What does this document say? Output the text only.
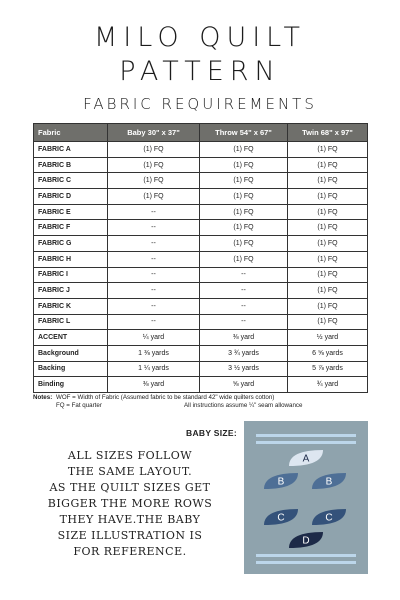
MILO QUILT
PATTERN
FABRIC REQUIREMENTS
Fabric	Baby 30" x 37"	Throw 54" x 67"	Twin 68" x 97"
FABRIC A	(1) FQ	(1) FQ	(1) FQ
FABRIC B	(1) FQ	(1) FQ	(1) FQ
FABRIC C	(1) FQ	(1) FQ	(1) FQ
FABRIC D	(1) FQ	(1) FQ	(1) FQ
FABRIC E	--	(1) FQ	(1) FQ
FABRIC F	--	(1) FQ	(1) FQ
FABRIC G	--	(1) FQ	(1) FQ
FABRIC H	--	(1) FQ	(1) FQ
FABRIC I	--	--	(1) FQ
FABRIC J	--	--	(1) FQ
FABRIC K	--	--	(1) FQ
FABRIC L	--	--	(1) FQ
ACCENT	¼ yard	⅜ yard	½ yard
Background	1 ⅜ yards	3 ¾ yards	6 ⅝ yards
Backing	1 ¼ yards	3 ½ yards	5 ⅞ yards
Binding	⅜ yard	⅝ yard	¾ yard
Notes: WOF = Width of Fabric (Assumed fabric to be standard 42" wide quilters cotton)
FQ = Fat quarter	All instructions assume ¼" seam allowance
BABY SIZE:
ALL SIZES FOLLOW
THE SAME LAYOUT.
AS THE QUILT SIZES GET
BIGGER THE MORE ROWS
THEY HAVE.THE BABY
SIZE ILLUSTRATION IS
FOR REFERENCE.
A
B	B
C	C
D
